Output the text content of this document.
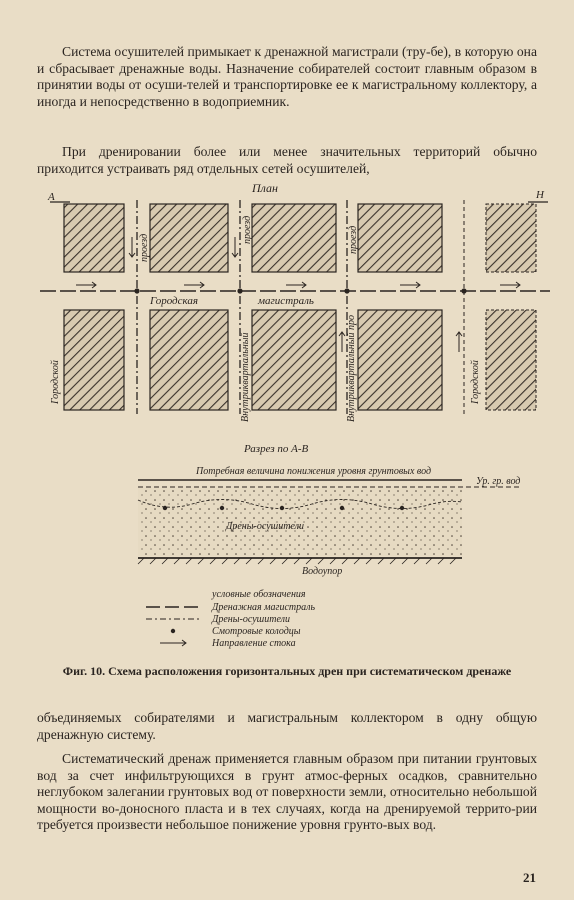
Система осушителей примыкает к дренажной магистрали (тру-бе), в которую она и сбрасывает дренажные воды. Назначение собирателей состоит главным образом в принятии воды от осуши-телей и транспортировке ее к магистральному коллектору, а иногда и непосредственно в водоприемник.

При дренировании более или менее значительных территорий обычно приходится устраивать ряд отдельных сетей осушителей,

План
А	Н
проезд
проезд	проезд
Городская	магистраль
Городской	Внутриквартальный	Внутриквартальный про	Городской
Разрез по А-В
Потребная величина понижения уровня грунтовых вод
Ур. гр. вод
Дрены-осушители
Водоупор
условные обозначения
Дренажная магистраль
Дрены-осушители
Смотровые колодцы
Направление стока

Фиг. 10. Схема расположения горизонтальных дрен при систематическом дренаже

объединяемых собирателями и магистральным коллектором в одну общую дренажную систему.

Систематический дренаж применяется главным образом при питании грунтовых вод за счет инфильтрующихся в грунт атмос-ферных осадков, сравнительно неглубоком залегании грунтовых вод от поверхности земли, относительно небольшой мощности во-доносного пласта и в тех случаях, когда на дренируемой террито-рии требуется произвести небольшое понижение уровня грунто-вых вод.

21
